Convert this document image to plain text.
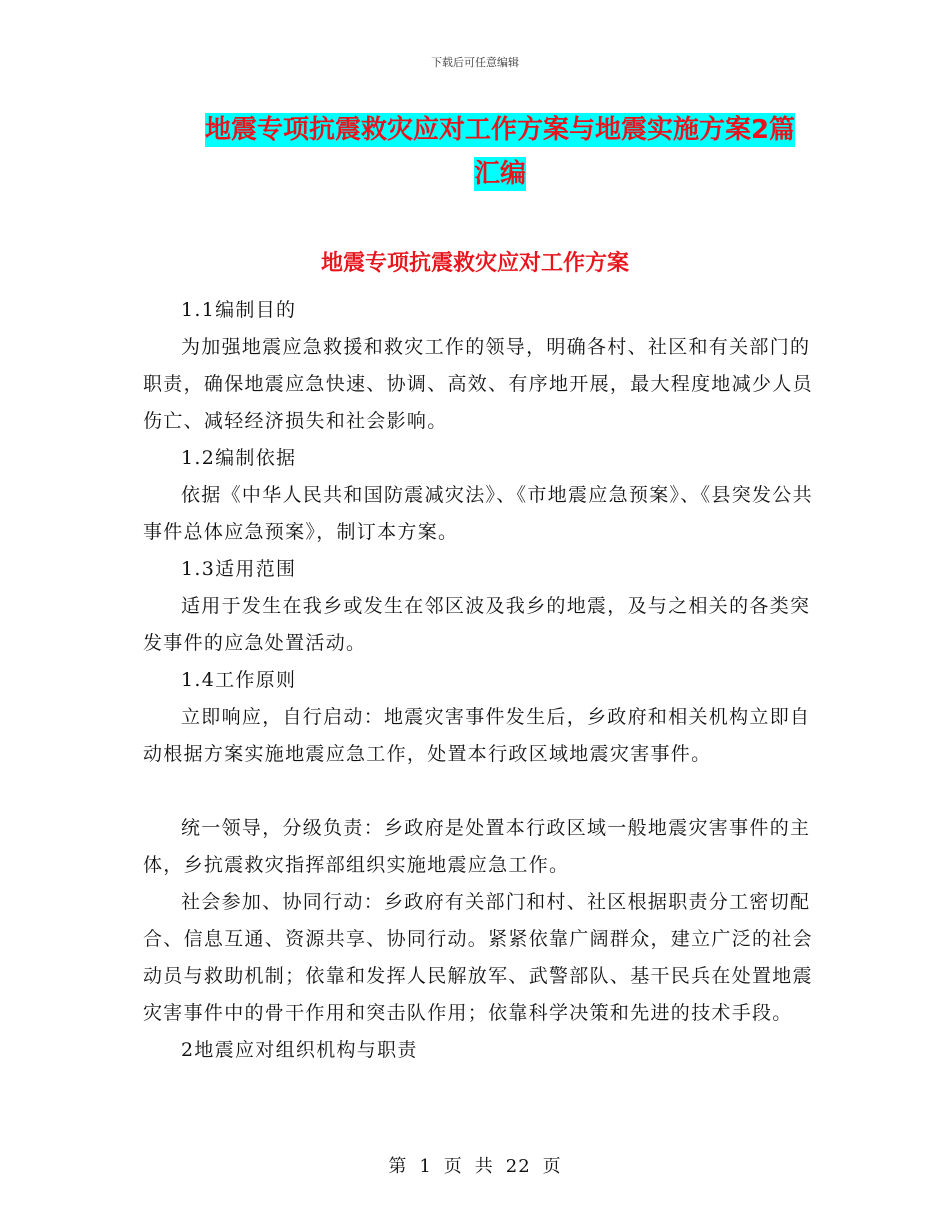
下载后可任意编辑
地震专项抗震救灾应对工作方案与地震实施方案2篇
汇编
地震专项抗震救灾应对工作方案

1.1编制目的

为加强地震应急救援和救灾工作的领导，明确各村、社区和有关部门的职责，确保地震应急快速、协调、高效、有序地开展，最大程度地减少人员伤亡、减轻经济损失和社会影响。

1.2编制依据

依据《中华人民共和国防震减灾法》、《市地震应急预案》、《县突发公共事件总体应急预案》，制订本方案。

1.3适用范围

适用于发生在我乡或发生在邻区波及我乡的地震，及与之相关的各类突发事件的应急处置活动。

1.4工作原则

立即响应，自行启动：地震灾害事件发生后，乡政府和相关机构立即自动根据方案实施地震应急工作，处置本行政区域地震灾害事件。

统一领导，分级负责：乡政府是处置本行政区域一般地震灾害事件的主体，乡抗震救灾指挥部组织实施地震应急工作。

社会参加、协同行动：乡政府有关部门和村、社区根据职责分工密切配合、信息互通、资源共享、协同行动。紧紧依靠广阔群众，建立广泛的社会动员与救助机制；依靠和发挥人民解放军、武警部队、基干民兵在处置地震灾害事件中的骨干作用和突击队作用；依靠科学决策和先进的技术手段。

2地震应对组织机构与职责

第 1 页 共 22 页
